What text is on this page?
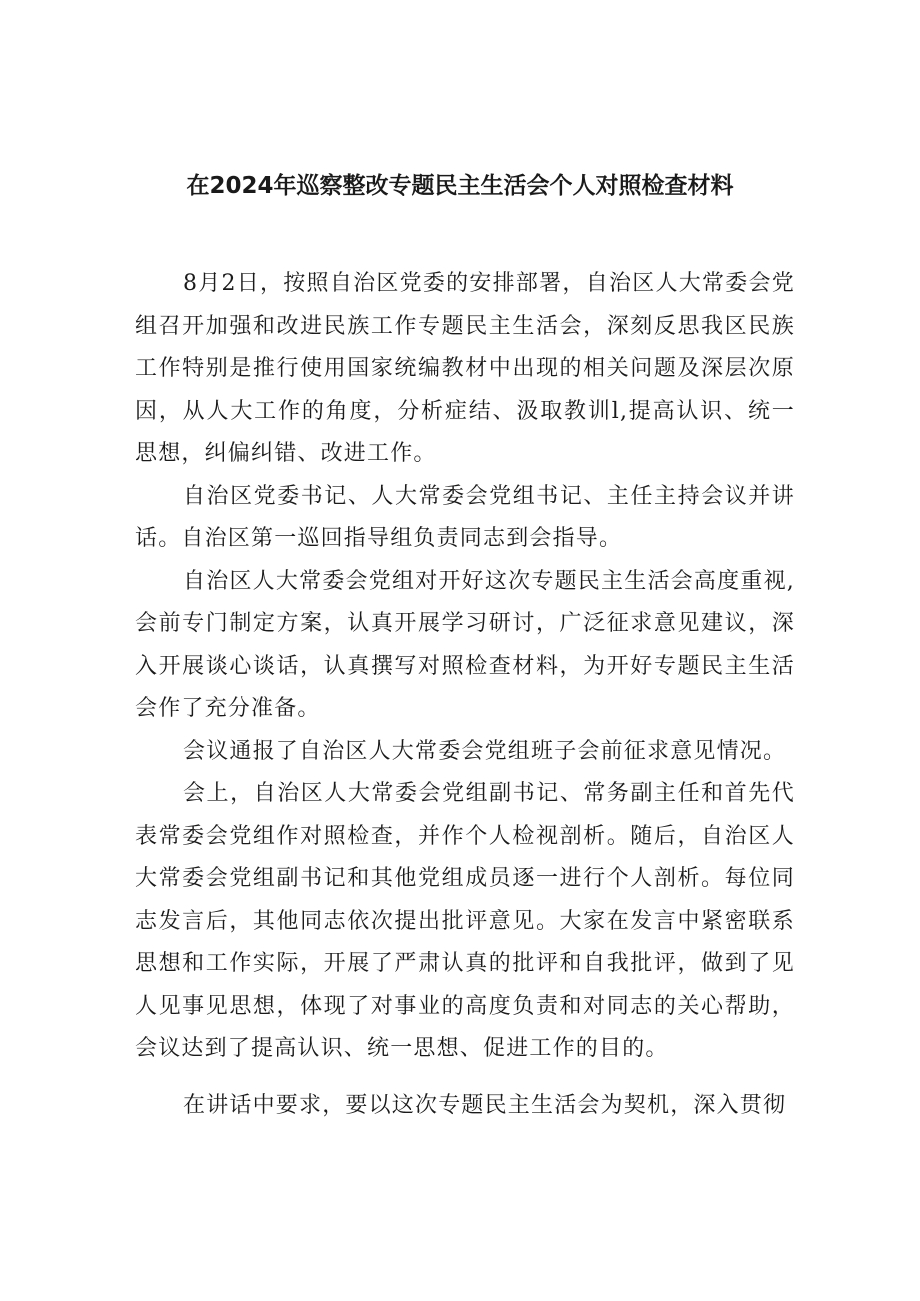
在2024年巡察整改专题民主生活会个人对照检查材料

8月2日，按照自治区党委的安排部署，自治区人大常委会党组召开加强和改进民族工作专题民主生活会，深刻反思我区民族工作特别是推行使用国家统编教材中出现的相关问题及深层次原因，从人大工作的角度，分析症结、汲取教训l,提高认识、统一思想，纠偏纠错、改进工作。

自治区党委书记、人大常委会党组书记、主任主持会议并讲话。自治区第一巡回指导组负责同志到会指导。

自治区人大常委会党组对开好这次专题民主生活会高度重视,会前专门制定方案，认真开展学习研讨，广泛征求意见建议，深入开展谈心谈话，认真撰写对照检查材料，为开好专题民主生活会作了充分准备。

会议通报了自治区人大常委会党组班子会前征求意见情况。

会上，自治区人大常委会党组副书记、常务副主任和首先代表常委会党组作对照检查，并作个人检视剖析。随后，自治区人大常委会党组副书记和其他党组成员逐一进行个人剖析。每位同志发言后，其他同志依次提出批评意见。大家在发言中紧密联系思想和工作实际，开展了严肃认真的批评和自我批评，做到了见人见事见思想，体现了对事业的高度负责和对同志的关心帮助，会议达到了提高认识、统一思想、促进工作的目的。

在讲话中要求，要以这次专题民主生活会为契机，深入贯彻
